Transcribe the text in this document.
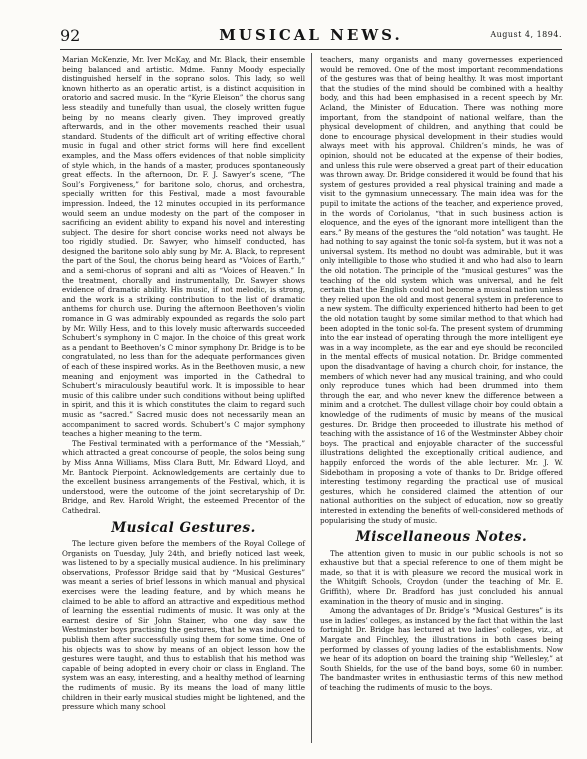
92	MUSICAL NEWS.	August 4, 1894.

Marian McKenzie, Mr. Iver McKay, and Mr. Black, their ensemble being balanced and artistic. Mdme. Fanny Moody especially distinguished herself in the soprano solos. This lady, so well known hitherto as an operatic artist, is a distinct acquisition in oratorio and sacred music. In the “Kyrie Eleison” the chorus sang less steadily and tunefully than usual, the closely written fugue being by no means clearly given. They improved greatly afterwards, and in the other movements reached their usual standard. Students of the difficult art of writing effective choral music in fugal and other strict forms will here find excellent examples, and the Mass offers evidences of that noble simplicity of style which, in the hands of a master, produces spontaneously great effects. In the afternoon, Dr. F. J. Sawyer’s scene, “The Soul’s Forgiveness,” for baritone solo, chorus, and orchestra, specially written for this Festival, made a most favourable impression. Indeed, the 12 minutes occupied in its performance would seem an undue modesty on the part of the composer in sacrificing an evident ability to expand his novel and interesting subject. The desire for short concise works need not always be too rigidly studied. Dr. Sawyer, who himself conducted, has designed the baritone solo ably sung by Mr. A. Black, to represent the part of the Soul, the chorus being heard as “Voices of Earth,” and a semi-chorus of soprani and alti as “Voices of Heaven.” In the treatment, chorally and instrumentally, Dr. Sawyer shows evidence of dramatic ability. His music, if not melodic, is strong, and the work is a striking contribution to the list of dramatic anthems for church use. During the afternoon Beethoven’s violin romance in G was admirably expounded as regards the solo part by Mr. Willy Hess, and to this lovely music afterwards succeeded Schubert’s symphony in C major. In the choice of this great work as a pendant to Beethoven’s C minor symphony Dr. Bridge is to be congratulated, no less than for the adequate performances given of each of these inspired works. As in the Beethoven music, a new meaning and enjoyment was imported in the Cathedral to Schubert’s miraculously beautiful work. It is impossible to hear music of this calibre under such conditions without being uplifted in spirit, and this it is which constitutes the claim to regard such music as “sacred.” Sacred music does not necessarily mean an accompaniment to sacred words. Schubert’s C major symphony teaches a higher meaning to the term.

The Festival terminated with a performance of the “Messiah,” which attracted a great concourse of people, the solos being sung by Miss Anna Williams, Miss Clara Butt, Mr. Edward Lloyd, and Mr. Bantock Pierpoint. Acknowledgements are certainly due to the excellent business arrangements of the Festival, which, it is understood, were the outcome of the joint secretaryship of Dr. Bridge, and Rev. Harold Wright, the esteemed Precentor of the Cathedral.

Musical Gestures.

The lecture given before the members of the Royal College of Organists on Tuesday, July 24th, and briefly noticed last week, was listened to by a specially musical audience. In his preliminary observations, Professor Bridge said that by “Musical Gestures” was meant a series of brief lessons in which manual and physical exercises were the leading feature, and by which means he claimed to be able to afford an attractive and expeditious method of learning the essential rudiments of music. It was only at the earnest desire of Sir John Stainer, who one day saw the Westminster boys practising the gestures, that he was induced to publish them after successfully using them for some time. One of his objects was to show by means of an object lesson how the gestures were taught, and thus to establish that his method was capable of being adopted in every choir or class in England. The system was an easy, interesting, and a healthy method of learning the rudiments of music. By its means the load of many little children in their early musical studies might be lightened, and the pressure which many school

teachers, many organists and many governesses experienced would be removed. One of the most important recommendations of the gestures was that of being healthy. It was most important that the studies of the mind should be combined with a healthy body, and this had been emphasised in a recent speech by Mr. Acland, the Minister of Education. There was nothing more important, from the standpoint of national welfare, than the physical development of children, and anything that could be done to encourage physical development in their studies would always meet with his approval. Children’s minds, he was of opinion, should not be educated at the expense of their bodies, and unless this rule were observed a great part of their education was thrown away. Dr. Bridge considered it would be found that his system of gestures provided a real physical training and made a visit to the gymnasium unnecessary. The main idea was for the pupil to imitate the actions of the teacher, and experience proved, in the words of Coriolanus, “that in such business action is eloquence, and the eyes of the ignorant more intelligent than the ears.” By means of the gestures the “old notation” was taught. He had nothing to say against the tonic sol-fa system, but it was not a universal system. Its method no doubt was admirable, but it was only intelligible to those who studied it and who had also to learn the old notation. The principle of the “musical gestures” was the teaching of the old system which was universal, and he felt certain that the English could not become a musical nation unless they relied upon the old and most general system in preference to a new system. The difficulty experienced hitherto had been to get the old notation taught by some similar method to that which had been adopted in the tonic sol-fa. The present system of drumming into the ear instead of operating through the more intelligent eye was in a way incomplete, as the ear and eye should be reconciled in the mental effects of musical notation. Dr. Bridge commented upon the disadvantage of having a church choir, for instance, the members of which never had any musical training, and who could only reproduce tunes which had been drummed into them through the ear, and who never knew the difference between a minim and a crotchet. The dullest village choir boy could obtain a knowledge of the rudiments of music by means of the musical gestures. Dr. Bridge then proceeded to illustrate his method of teaching with the assistance of 16 of the Westminster Abbey choir boys. The practical and enjoyable character of the successful illustrations delighted the exceptionally critical audience, and happily enforced the words of the able lecturer. Mr. J. W. Sidebotham in proposing a vote of thanks to Dr. Bridge offered interesting testimony regarding the practical use of musical gestures, which he considered claimed the attention of our national authorities on the subject of education, now so greatly interested in extending the benefits of well-considered methods of popularising the study of music.

Miscellaneous Notes.

The attention given to music in our public schools is not so exhaustive but that a special reference to one of them might be made, so that it is with pleasure we record the musical work in the Whitgift Schools, Croydon (under the teaching of Mr. E. Griffith), where Dr. Bradford has just concluded his annual examination in the theory of music and in singing.

Among the advantages of Dr. Bridge’s “Musical Gestures” is its use in ladies’ colleges, as instanced by the fact that within the last fortnight Dr. Bridge has lectured at two ladies’ colleges, viz., at Margate and Finchley, the illustrations in both cases being performed by classes of young ladies of the establishments. Now we hear of its adoption on board the training ship “Wellesley,” at South Shields, for the use of the band boys, some 60 in number. The bandmaster writes in enthusiastic terms of this new method of teaching the rudiments of music to the boys.
